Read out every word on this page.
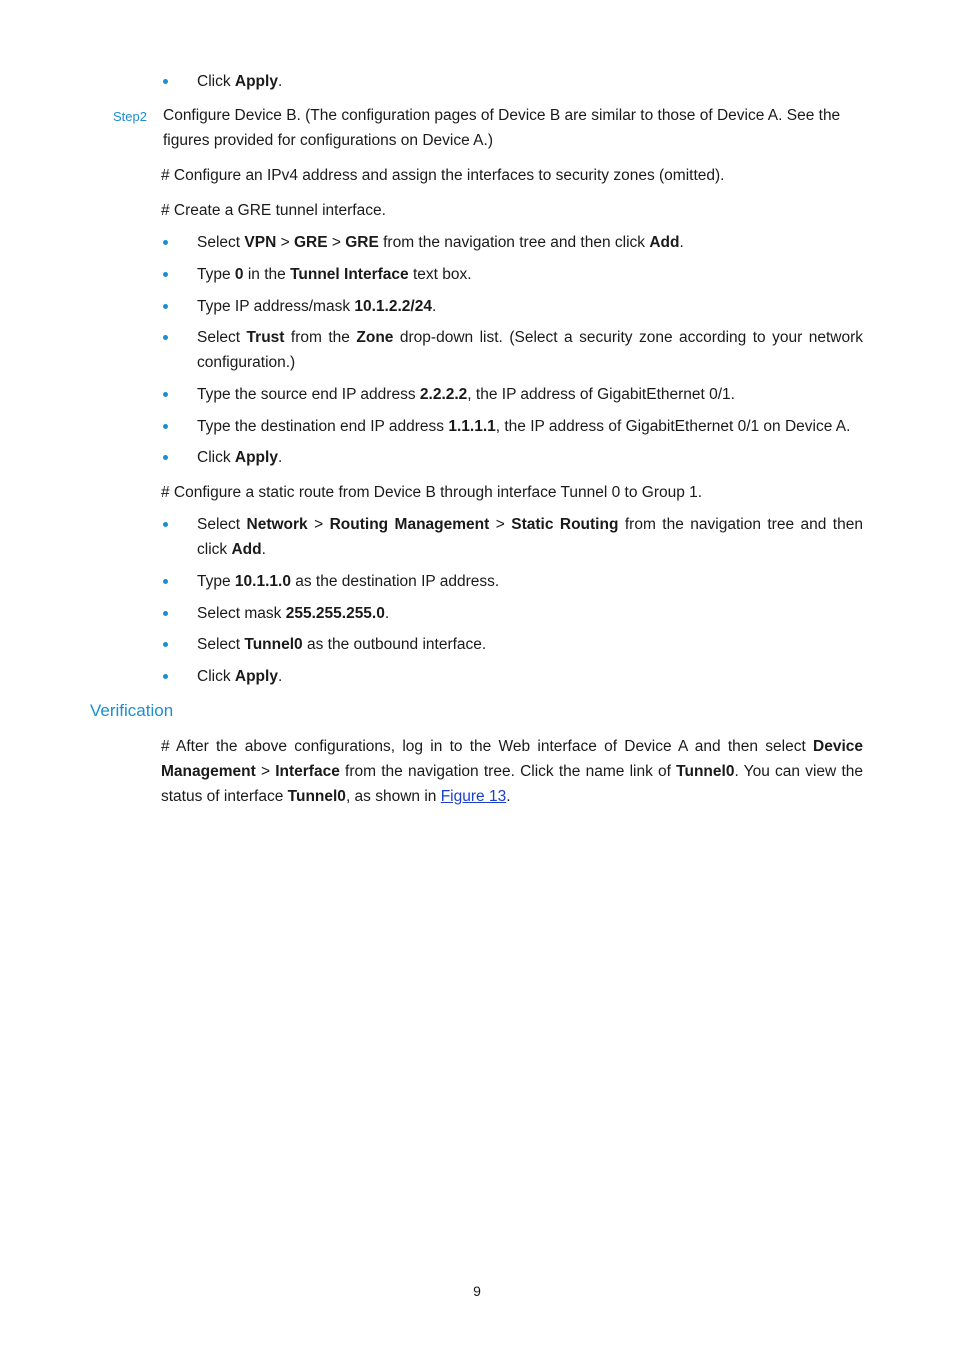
Click Apply.
Step2 Configure Device B. (The configuration pages of Device B are similar to those of Device A. See the figures provided for configurations on Device A.)
# Configure an IPv4 address and assign the interfaces to security zones (omitted).
# Create a GRE tunnel interface.
Select VPN > GRE > GRE from the navigation tree and then click Add.
Type 0 in the Tunnel Interface text box.
Type IP address/mask 10.1.2.2/24.
Select Trust from the Zone drop-down list. (Select a security zone according to your network configuration.)
Type the source end IP address 2.2.2.2, the IP address of GigabitEthernet 0/1.
Type the destination end IP address 1.1.1.1, the IP address of GigabitEthernet 0/1 on Device A.
Click Apply.
# Configure a static route from Device B through interface Tunnel 0 to Group 1.
Select Network > Routing Management > Static Routing from the navigation tree and then click Add.
Type 10.1.1.0 as the destination IP address.
Select mask 255.255.255.0.
Select Tunnel0 as the outbound interface.
Click Apply.
Verification
# After the above configurations, log in to the Web interface of Device A and then select Device Management > Interface from the navigation tree. Click the name link of Tunnel0. You can view the status of interface Tunnel0, as shown in Figure 13.
9
